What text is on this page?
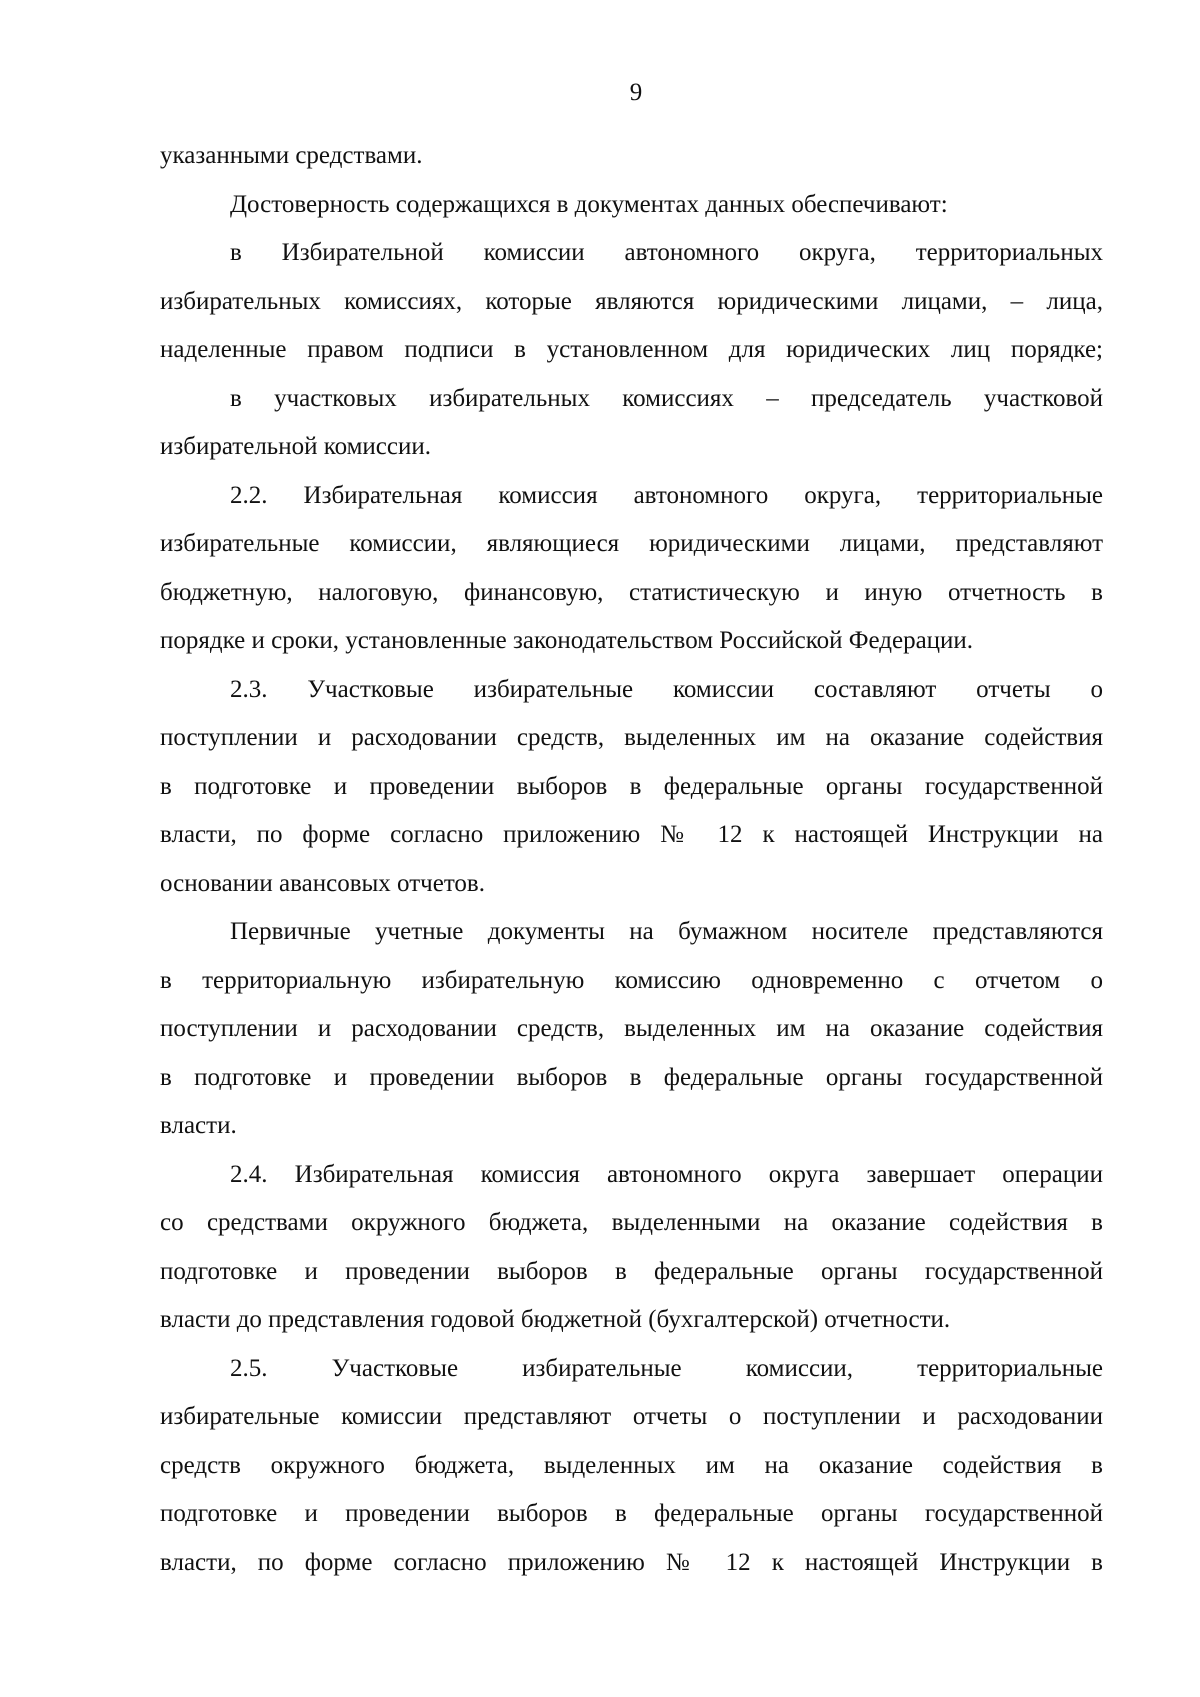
9
указанными средствами.
Достоверность содержащихся в документах данных обеспечивают:
в Избирательной комиссии автономного округа, территориальных
избирательных комиссиях, которые являются юридическими лицами, – лица,
наделенные правом подписи в установленном для юридических лиц порядке;
в участковых избирательных комиссиях – председатель участковой
избирательной комиссии.
2.2. Избирательная комиссия автономного округа, территориальные
избирательные комиссии, являющиеся юридическими лицами, представляют
бюджетную, налоговую, финансовую, статистическую и иную отчетность в
порядке и сроки, установленные законодательством Российской Федерации.
2.3. Участковые избирательные комиссии составляют отчеты о
поступлении и расходовании средств, выделенных им на оказание содействия
в подготовке и проведении выборов в федеральные органы государственной
власти, по форме согласно приложению № 12 к настоящей Инструкции на
основании авансовых отчетов.
Первичные учетные документы на бумажном носителе представляются
в территориальную избирательную комиссию одновременно с отчетом о
поступлении и расходовании средств, выделенных им на оказание содействия
в подготовке и проведении выборов в федеральные органы государственной
власти.
2.4. Избирательная комиссия автономного округа завершает операции
со средствами окружного бюджета, выделенными на оказание содействия в
подготовке и проведении выборов в федеральные органы государственной
власти до представления годовой бюджетной (бухгалтерской) отчетности.
2.5. Участковые избирательные комиссии, территориальные
избирательные комиссии представляют отчеты о поступлении и расходовании
средств окружного бюджета, выделенных им на оказание содействия в
подготовке и проведении выборов в федеральные органы государственной
власти, по форме согласно приложению № 12 к настоящей Инструкции в
